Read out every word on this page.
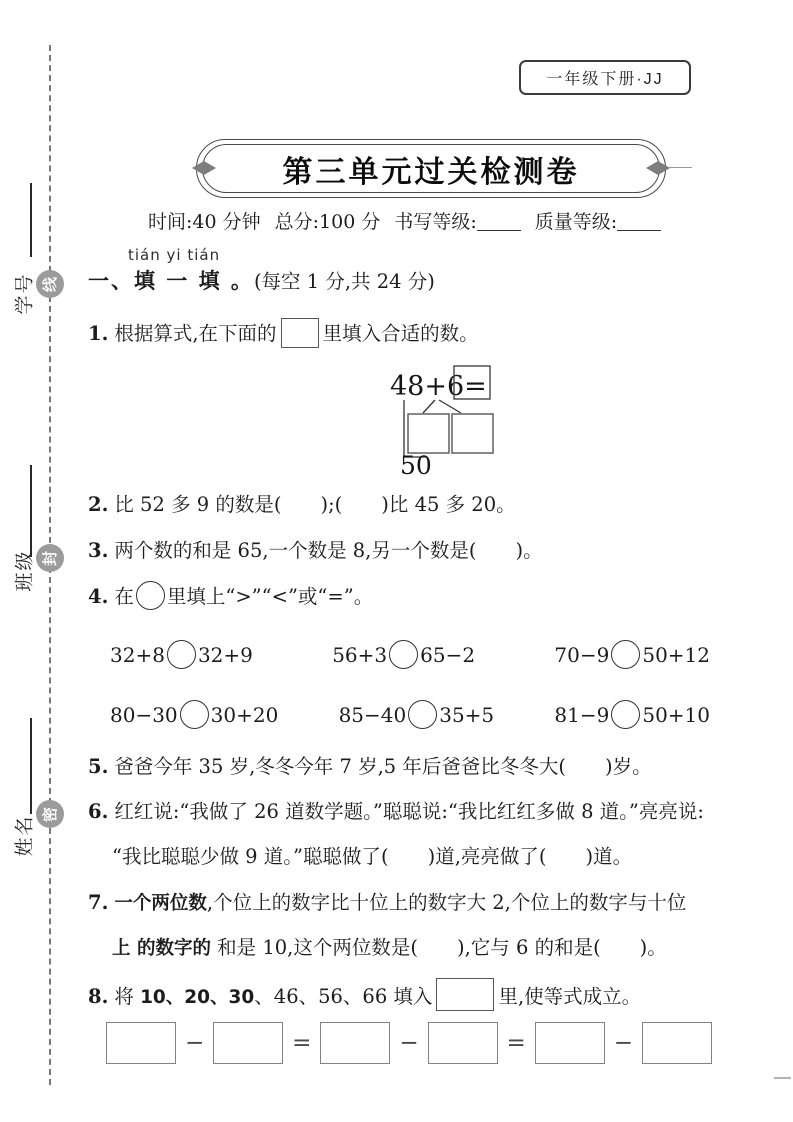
学号 线
班级 封
姓名
密
一年级下册·JJ
第三单元过关检测卷
时间:40 分钟 总分:100 分 书写等级:	质量等级:
tián yi tián
一、填 一 填 。(每空 1 分,共 24 分)
1. 根据算式,在下面的 里填入合适的数。
48+6=
50
2. 比 52 多 9 的数是(　　);(　　)比 45 多 20。
3. 两个数的和是 65,一个数是 8,另一个数是(　　)。
4. 在 里填上“>”“<”或“=”。
32+8 32+9	56+3 65−2	70−9 50+12
80−30 30+20	85−40 35+5	81−9 50+10
5. 爸爸今年 35 岁,冬冬今年 7 岁,5 年后爸爸比冬冬大(　　)岁。
6. 红红说:“我做了 26 道数学题。”聪聪说:“我比红红多做 8 道。”亮亮说:
“我比聪聪少做 9 道。”聪聪做了(　　)道,亮亮做了(　　)道。
7. 一个两位数,个位上的数字比十位上的数字大 2,个位上的数字与十位
上 的数字的 和是 10,这个两位数是(　　),它与 6 的和是(　　)。
8. 将 10、20、30、46、56、66 填入	里,使等式成立。
−	=	−	=	−
